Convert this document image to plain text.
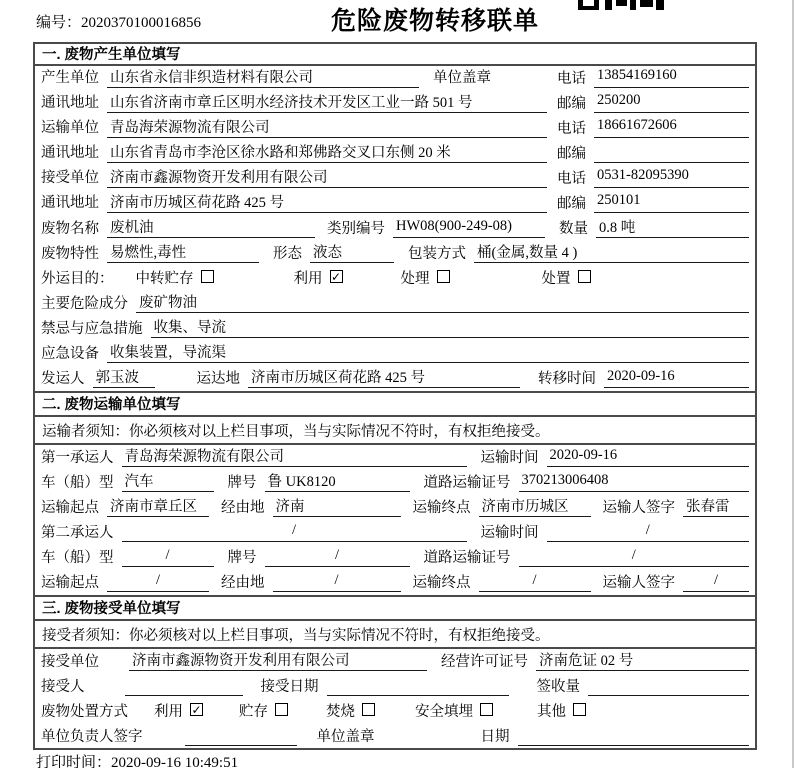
编号：2020370100016856	危险废物转移联单
一. 废物产生单位填写
产生单位 山东省永信非织造材料有限公司	单位盖章	电话 13854169160
通讯地址 山东省济南市章丘区明水经济技术开发区工业一路 501 号	邮编 250200
运输单位 青岛海荣源物流有限公司	电话 18661672606
通讯地址 山东省青岛市李沧区徐水路和郑佛路交叉口东侧 20 米	邮编
接受单位 济南市鑫源物资开发利用有限公司	电话 0531-82095390
通讯地址 济南市历城区荷花路 425 号	邮编 250101
废物名称 废机油	类别编号 HW08(900-249-08)	数量 0.8 吨
废物特性 易燃性,毒性	形态 液态	包装方式 桶(金属,数量 4 )
外运目的： 中转贮存	利用 ✓	处理	处置
主要危险成分 废矿物油
禁忌与应急措施 收集、导流
应急设备 收集装置，导流渠
发运人 郭玉波	运达地 济南市历城区荷花路 425 号	转移时间 2020-09-16
二. 废物运输单位填写
运输者须知：你必须核对以上栏目事项，当与实际情况不符时，有权拒绝接受。
第一承运人 青岛海荣源物流有限公司	运输时间 2020-09-16
车（船）型 汽车	牌号 鲁 UK8120	道路运输证号 370213006408
运输起点 济南市章丘区	经由地 济南	运输终点 济南市历城区	运输人签字 张春雷
第二承运人	/	运输时间	/
车（船）型	/	牌号	/	道路运输证号	/
运输起点	/	经由地	/	运输终点	/	运输人签字	/
三. 废物接受单位填写
接受者须知：你必须核对以上栏目事项，当与实际情况不符时，有权拒绝接受。
接受单位 济南市鑫源物资开发利用有限公司	经营许可证号 济南危证 02 号
接受人	接受日期	签收量
废物处置方式 利用 ✓	贮存	焚烧	安全填埋	其他
单位负责人签字	单位盖章	日期
打印时间：2020-09-16 10:49:51
